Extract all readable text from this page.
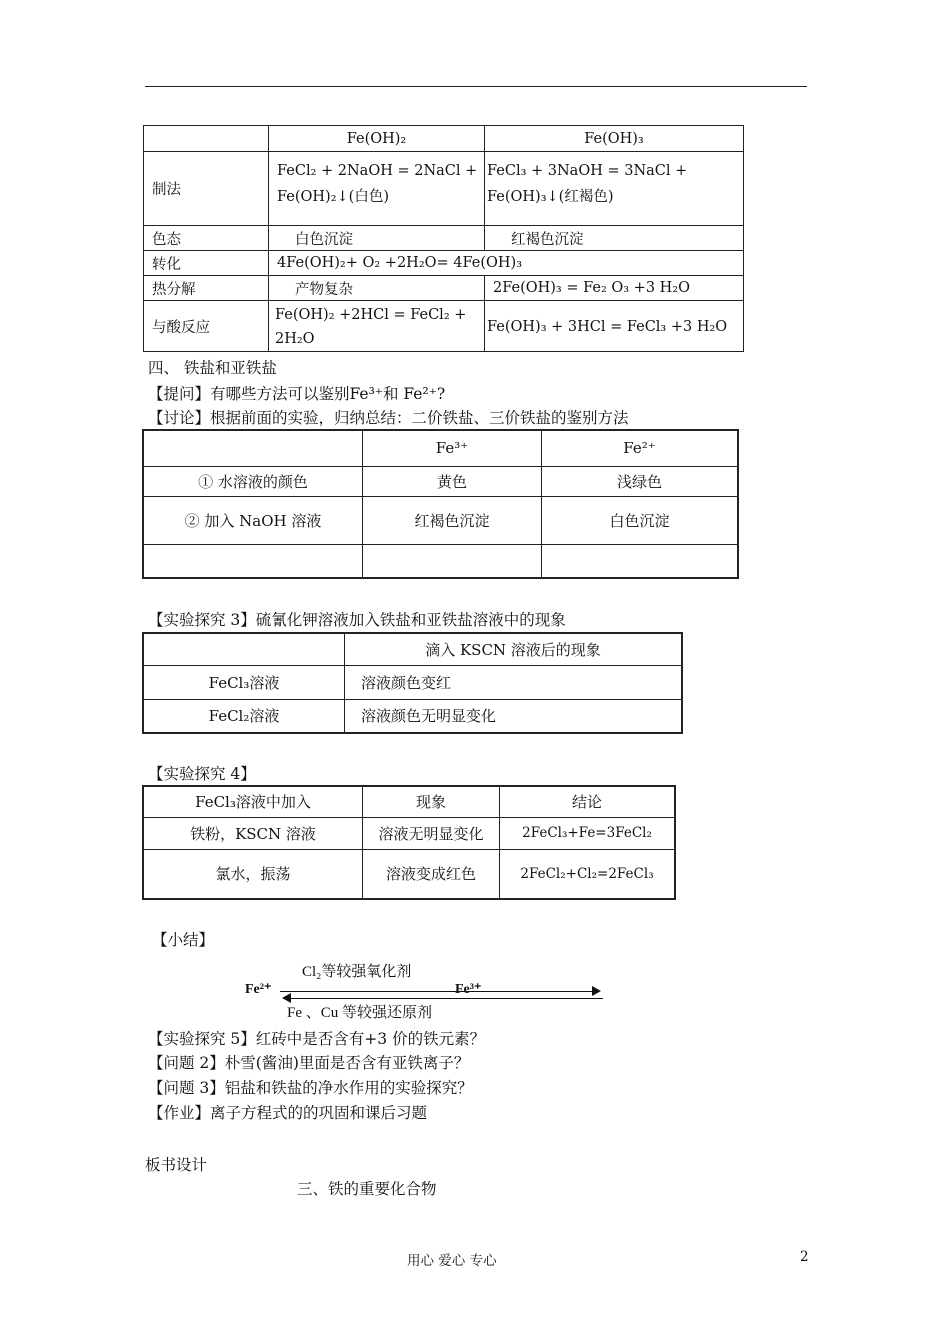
	Fe(OH)₂	Fe(OH)₃
制法	FeCl₂ + 2NaOH = 2NaCl + Fe(OH)₂↓(白色)	FeCl₃ + 3NaOH = 3NaCl + Fe(OH)₃↓(红褐色)
色态	白色沉淀	红褐色沉淀
转化	4Fe(OH)₂+ O₂ +2H₂O= 4Fe(OH)₃	
热分解	产物复杂	2Fe(OH)₃ = Fe₂ O₃ +3 H₂O
与酸反应	Fe(OH)₂ +2HCl = FeCl₂ + 2H₂O	Fe(OH)₃ + 3HCl = FeCl₃ +3 H₂O
四、 铁盐和亚铁盐
【提问】有哪些方法可以鉴别Fe³⁺和 Fe²⁺?
【讨论】根据前面的实验，归纳总结：二价铁盐、三价铁盐的鉴别方法
	Fe³⁺	Fe²⁺
① 水溶液的颜色	黄色	浅绿色
② 加入 NaOH 溶液	红褐色沉淀	白色沉淀

【实验探究 3】硫氰化钾溶液加入铁盐和亚铁盐溶液中的现象
	滴入 KSCN 溶液后的现象
FeCl₃溶液	溶液颜色变红
FeCl₂溶液	溶液颜色无明显变化
【实验探究 4】
FeCl₃溶液中加入	现象	结论
铁粉，KSCN 溶液	溶液无明显变化	2FeCl₃+Fe=3FeCl₂
氯水，振荡	溶液变成红色	2FeCl₂+Cl₂=2FeCl₃
【小结】
Cl₂等较强氧化剂
Fe²⁺	Fe³⁺
Fe 、Cu 等较强还原剂
【实验探究 5】红砖中是否含有+3 价的铁元素？
【问题 2】朴雪(酱油)里面是否含有亚铁离子？
【问题 3】铝盐和铁盐的净水作用的实验探究？
【作业】离子方程式的的巩固和课后习题
板书设计
三、铁的重要化合物
用心 爱心 专心	2
